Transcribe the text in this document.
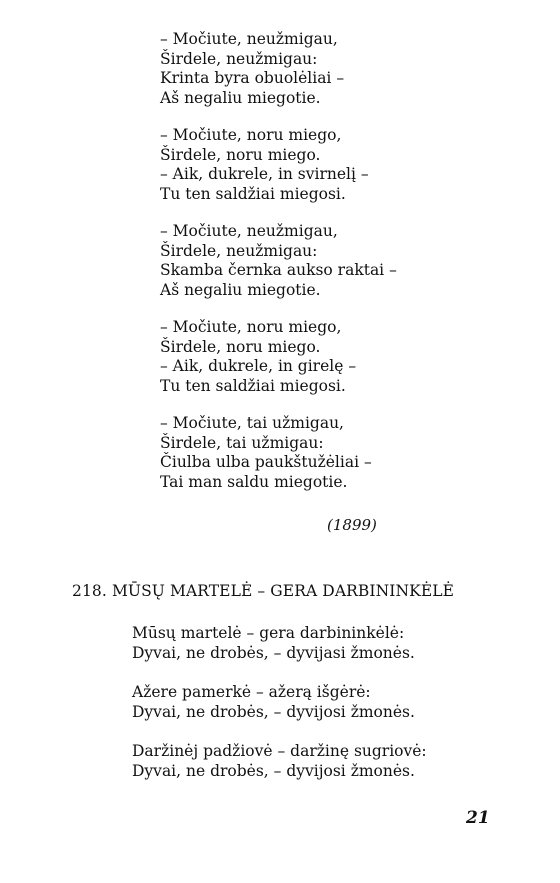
– Močiute, neužmigau,
Širdele, neužmigau:
Krinta byra obuolėliai –
Aš negaliu miegotie.
– Močiute, noru miego,
Širdele, noru miego.
– Aik, dukrele, in svirnelį –
Tu ten saldžiai miegosi.
– Močiute, neužmigau,
Širdele, neužmigau:
Skamba černka aukso raktai –
Aš negaliu miegotie.
– Močiute, noru miego,
Širdele, noru miego.
– Aik, dukrele, in girelę –
Tu ten saldžiai miegosi.
– Močiute, tai užmigau,
Širdele, tai užmigau:
Čiulba ulba paukštužėliai –
Tai man saldu miegotie.
(1899)
218. MŪSŲ MARTELĖ – GERA DARBININKĖLĖ
Mūsų martelė – gera darbininkėlė:
Dyvai, ne drobės, – dyvijasi žmonės.
Ažere pamerkė – ažerą išgėrė:
Dyvai, ne drobės, – dyvijosi žmonės.
Daržinėj padžiovė – daržinę sugriovė:
Dyvai, ne drobės, – dyvijosi žmonės.
21
